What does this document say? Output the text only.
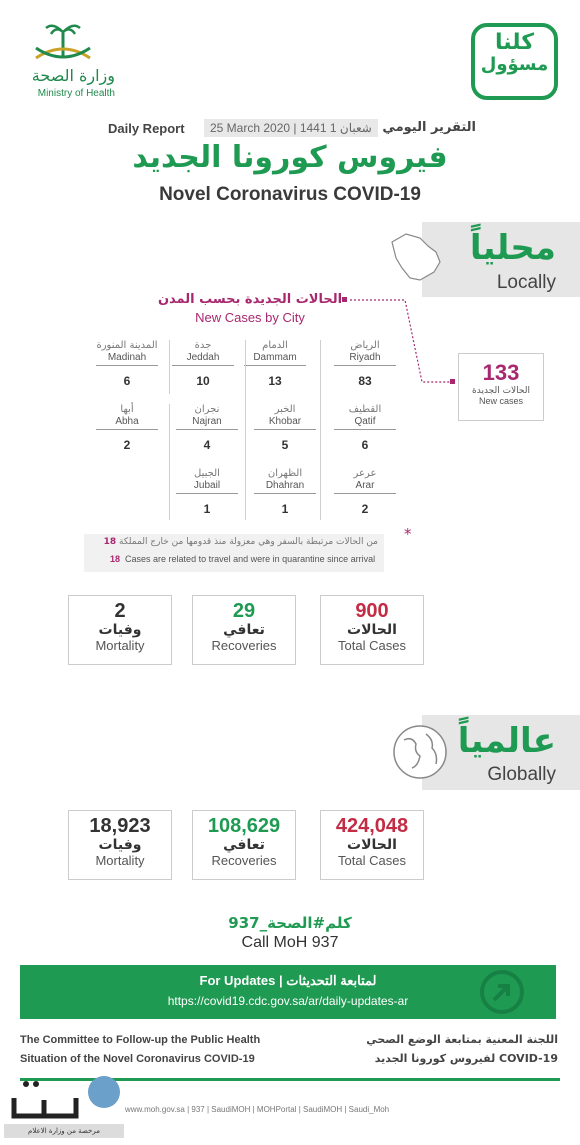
وزارة الصحة
Ministry of Health
كلنا
مسؤول
Daily Report	25 March 2020 | 1441 1 شعبان التقرير اليومي
فيروس كورونا الجديد
Novel Coronavirus COVID-19
محلياً
Locally
الحالات الجديدة بحسب المدن
New Cases by City
الرياض
Riyadh
83
الدمام
Dammam
13
جدة
Jeddah
10
المدينة المنورة
Madinah
6
القطيف
Qatif
6
الخبر
Khobar
5
نجران
Najran
4
أبها
Abha
2
عرعر
Arar
2
الظهران
Dhahran
1
الجبيل
Jubail
1
133
الحالات الجديدة
New cases
*
18 من الحالات مرتبطة بالسفر وهي معزولة منذ قدومها من خارج المملكة
18 Cases are related to travel and were in quarantine since arrival
2
وفيات
Mortality
29
تعافي
Recoveries
900
الحالات
Total Cases
عالمياً
Globally
18,923
وفيات
Mortality
108,629
تعافي
Recoveries
424,048
الحالات
Total Cases
كلم#الصحة_937
Call MoH 937
For Updates | لمتابعة التحديثات
https://covid19.cdc.gov.sa/ar/daily-updates-ar
The Committee to Follow-up the Public Health
Situation of the Novel Coronavirus COVID-19
اللجنة المعنية بمتابعة الوضع الصحي
لفيروس كورونا الجديد COVID-19
www.moh.gov.sa | 937 | SaudiMOH | MOHPortal | SaudiMOH | Saudi_Moh
مرخصة من وزارة الاعلام
